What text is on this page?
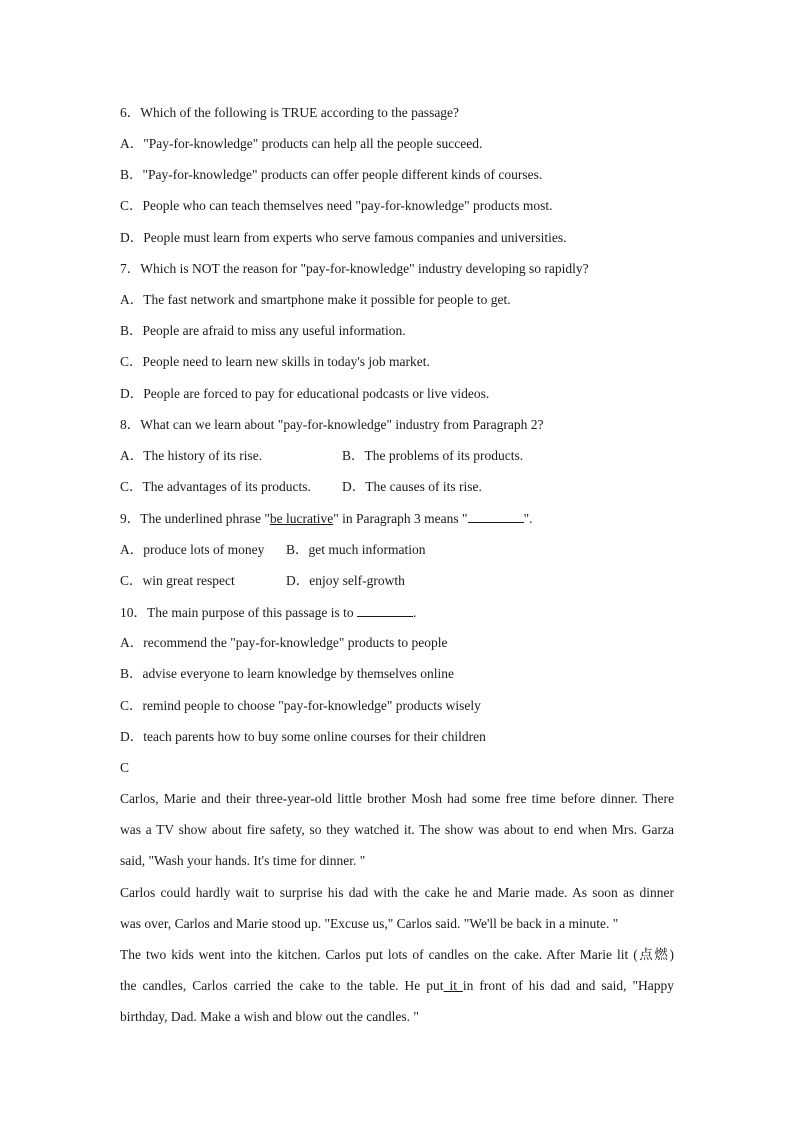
6．Which of the following is TRUE according to the passage?
A．"Pay-for-knowledge" products can help all the people succeed.
B．"Pay-for-knowledge" products can offer people different kinds of courses.
C．People who can teach themselves need "pay-for-knowledge" products most.
D．People must learn from experts who serve famous companies and universities.
7．Which is NOT the reason for "pay-for-knowledge" industry developing so rapidly?
A．The fast network and smartphone make it possible for people to get.
B．People are afraid to miss any useful information.
C．People need to learn new skills in today's job market.
D．People are forced to pay for educational podcasts or live videos.
8．What can we learn about "pay-for-knowledge" industry from Paragraph 2?
A．The history of its rise.	B．The problems of its products.
C．The advantages of its products. D．The causes of its rise.
9．The underlined phrase "be lucrative" in Paragraph 3 means "	".
A．produce lots of money B．get much information
C．win great respect	D．enjoy self-growth
10．The main purpose of this passage is to	.
A．recommend the "pay-for-knowledge" products to people
B．advise everyone to learn knowledge by themselves online
C．remind people to choose "pay-for-knowledge" products wisely
D．teach parents how to buy some online courses for their children
C
Carlos, Marie and their three-year-old little brother Mosh had some free time before dinner. There
was a TV show about fire safety, so they watched it. The show was about to end when Mrs. Garza
said, "Wash your hands. It's time for dinner. "
Carlos could hardly wait to surprise his dad with the cake he and Marie made. As soon as dinner
was over, Carlos and Marie stood up. "Excuse us," Carlos said. "We'll be back in a minute. "
The two kids went into the kitchen. Carlos put lots of candles on the cake. After Marie lit (点燃)
the candles, Carlos carried the cake to the table. He put it in front of his dad and said, "Happy
birthday, Dad. Make a wish and blow out the candles. "
